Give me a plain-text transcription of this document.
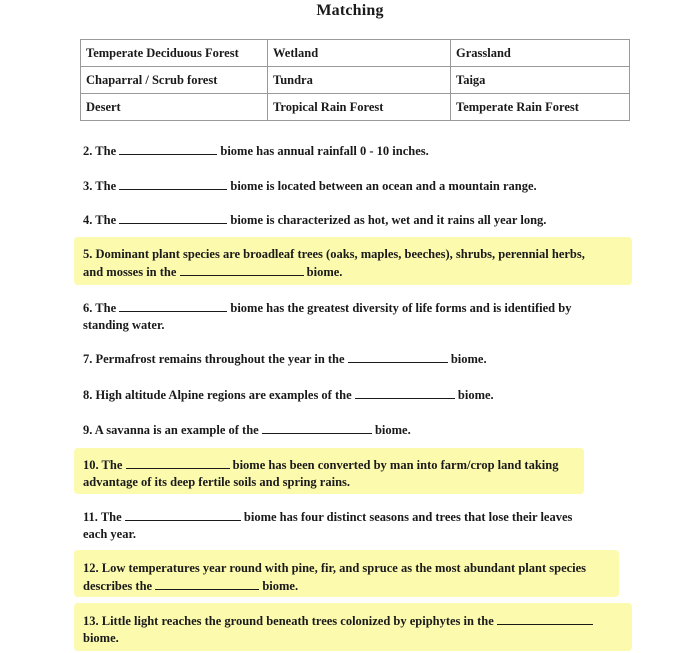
Matching
Temperate Deciduous Forest	Wetland	Grassland
Chaparral / Scrub forest	Tundra	Taiga
Desert	Tropical Rain Forest	Temperate Rain Forest
2. The	biome has annual rainfall 0 - 10 inches.
3. The	biome is located between an ocean and a mountain range.
4. The	biome is characterized as hot, wet and it rains all year long.
5. Dominant plant species are broadleaf trees (oaks, maples, beeches), shrubs, perennial herbs,
and mosses in the	biome.
6. The	biome has the greatest diversity of life forms and is identified by
standing water.
7. Permafrost remains throughout the year in the	biome.
8. High altitude Alpine regions are examples of the	biome.
9. A savanna is an example of the	biome.
10. The	biome has been converted by man into farm/crop land taking
advantage of its deep fertile soils and spring rains.
11. The	biome has four distinct seasons and trees that lose their leaves
each year.
12. Low temperatures year round with pine, fir, and spruce as the most abundant plant species
describes the	biome.
13. Little light reaches the ground beneath trees colonized by epiphytes in the
biome.
